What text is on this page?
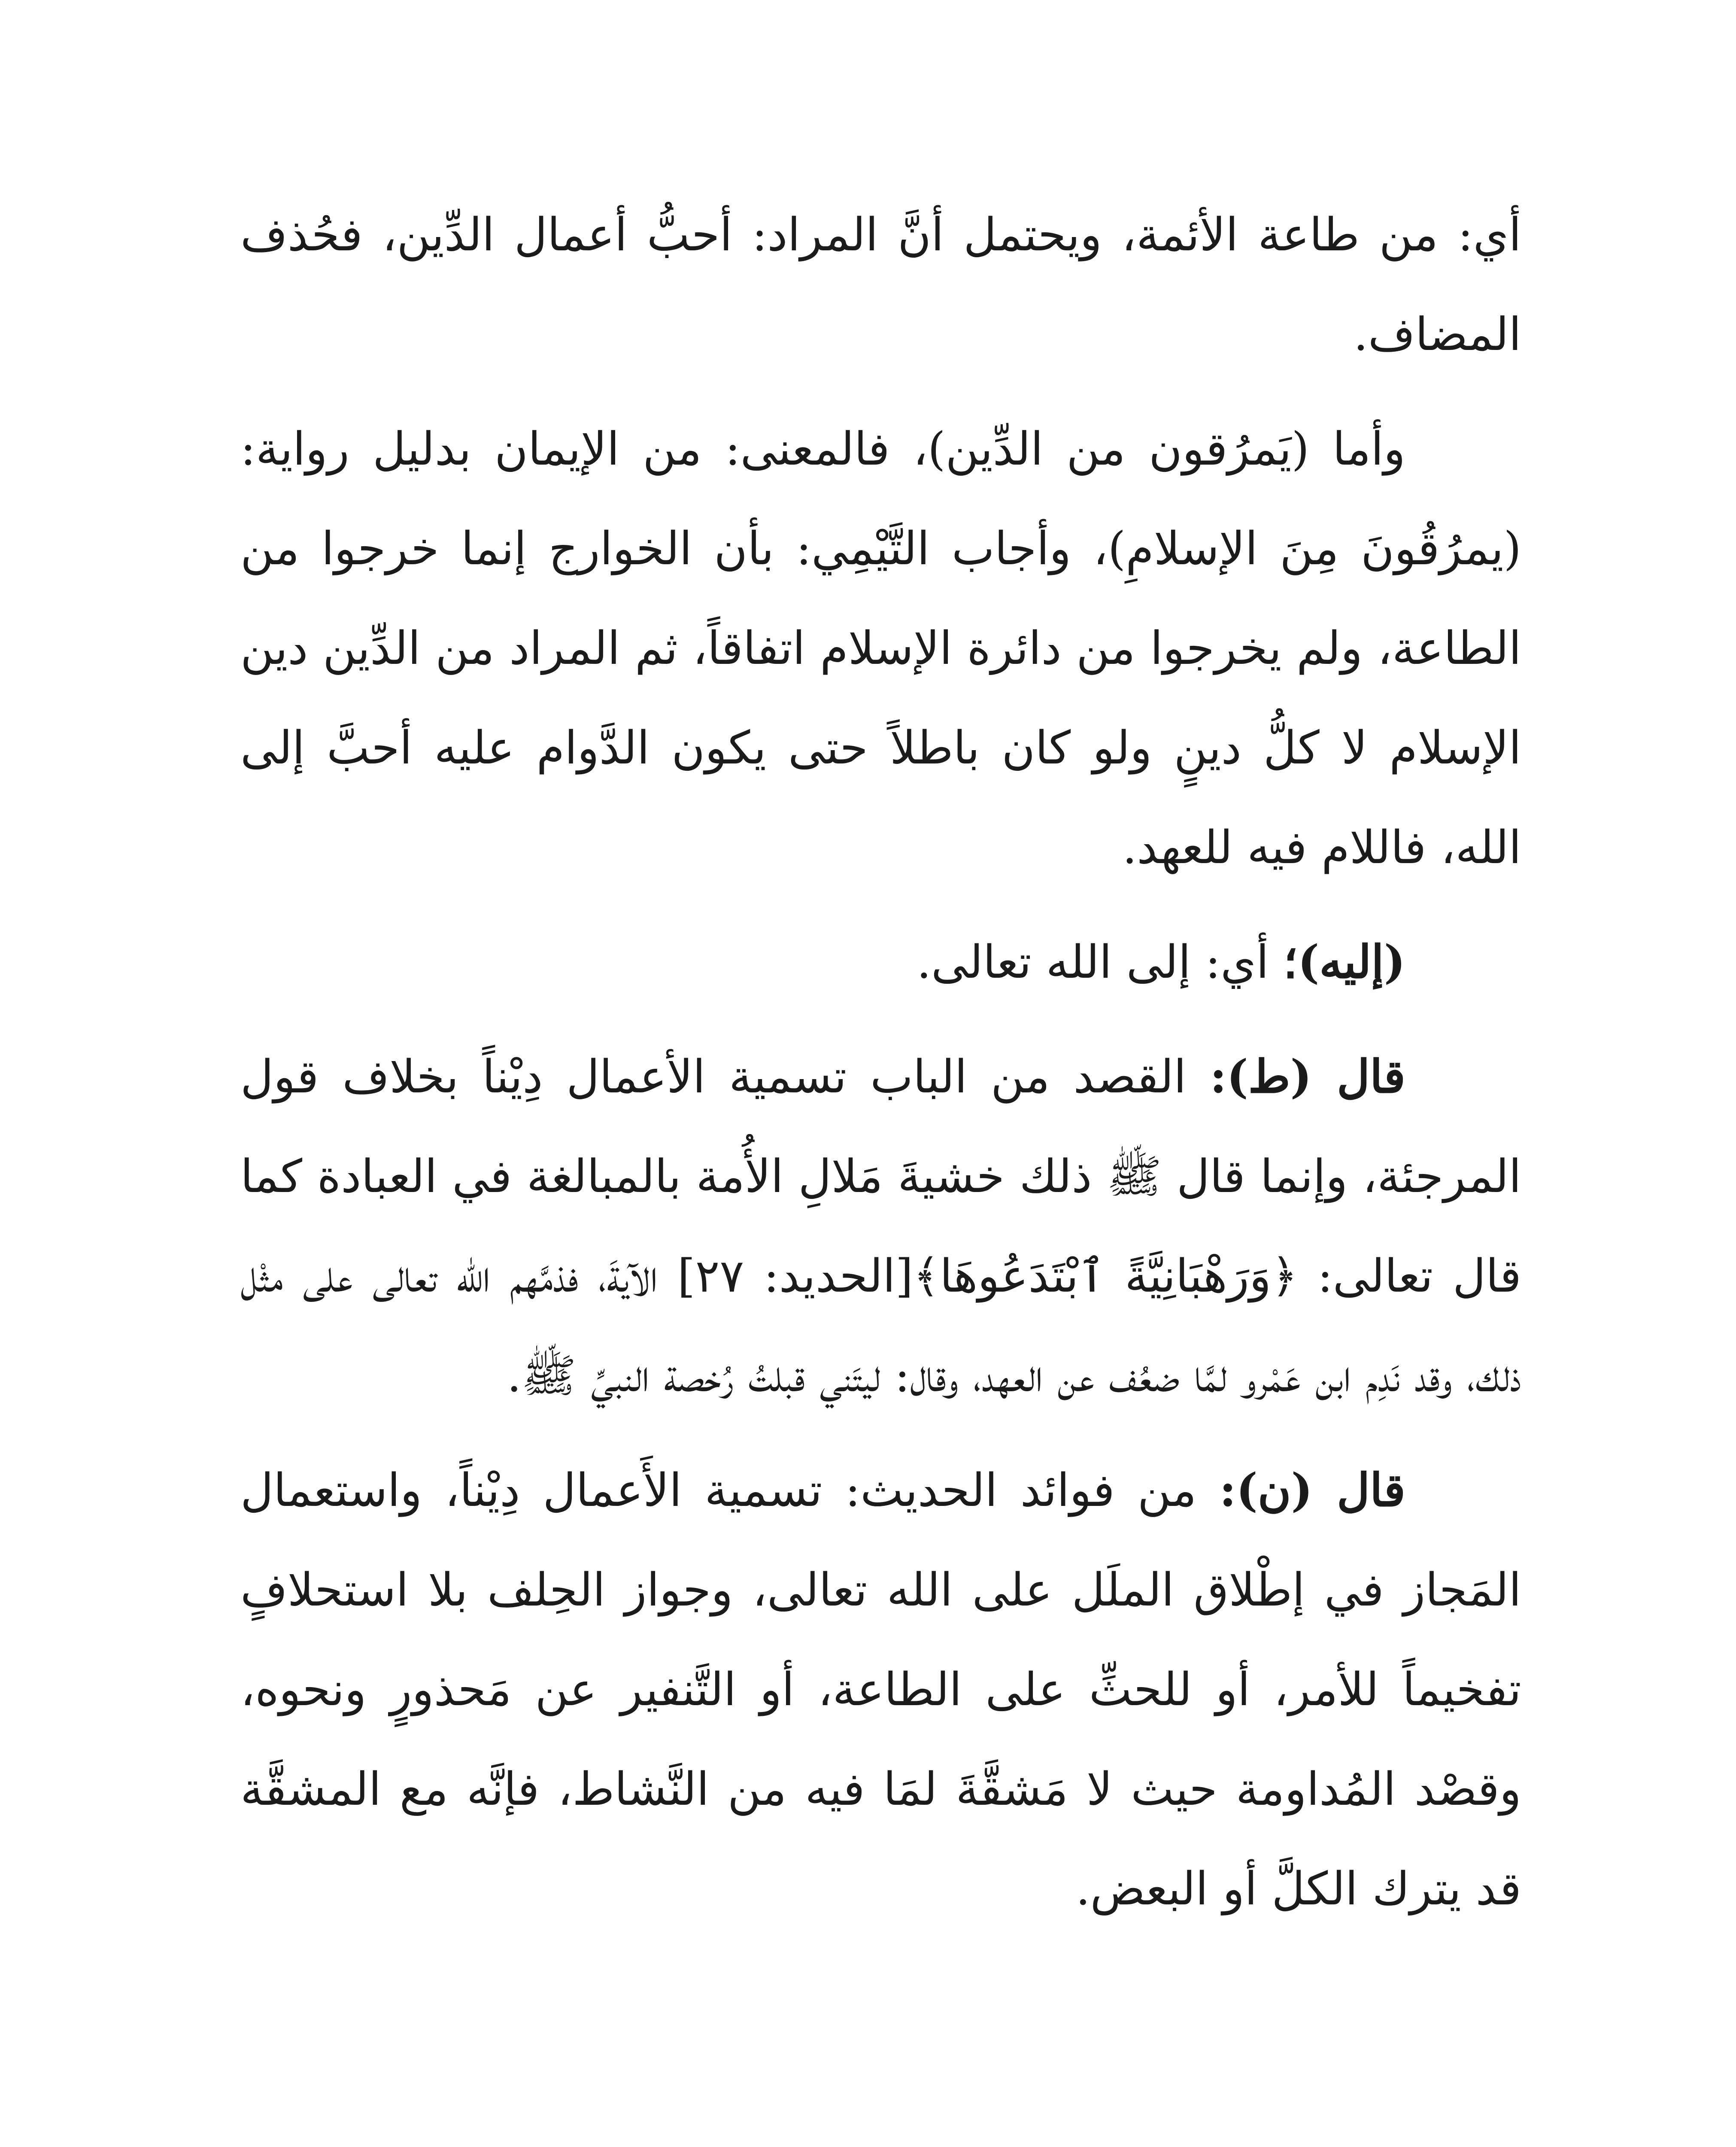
أي: من طاعة الأئمة، ويحتمل أنَّ المراد: أحبُّ أعمال الدِّين، فحُذف المضاف.

وأما (يَمرُقون من الدِّين)، فالمعنى: من الإيمان بدليل رواية: (يمرُقُونَ مِنَ الإسلامِ)، وأجاب التَّيْمِي: بأن الخوارج إنما خرجوا من الطاعة، ولم يخرجوا من دائرة الإسلام اتفاقاً، ثم المراد من الدِّين دين الإسلام لا كلُّ دينٍ ولو كان باطلاً حتى يكون الدَّوام عليه أحبَّ إلى الله، فاللام فيه للعهد.

(إليه)؛ أي: إلى الله تعالى.

قال (ط): القصد من الباب تسمية الأعمال دِيْناً بخلاف قول المرجئة، وإنما قال ﷺ ذلك خشيةَ مَلالِ الأُمة بالمبالغة في العبادة كما قال تعالى: ﴿وَرَهْبَانِيَّةً ٱبْتَدَعُوهَا﴾[الحديد: ٢٧] الآيةَ، فذمَّهم الله تعالى على مثْل ذلك، وقد نَدِم ابن عَمْرو لمَّا ضعُف عن العهد، وقال: ليتَني قبلتُ رُخصة النبيِّ ﷺ.

قال (ن): من فوائد الحديث: تسمية الأَعمال دِيْناً، واستعمال المَجاز في إطْلاق الملَل على الله تعالى، وجواز الحِلف بلا استحلافٍ تفخيماً للأمر، أو للحثِّ على الطاعة، أو التَّنفير عن مَحذورٍ ونحوه، وقصْد المُداومة حيث لا مَشقَّةَ لمَا فيه من النَّشاط، فإنَّه مع المشقَّة قد يترك الكلَّ أو البعض.
